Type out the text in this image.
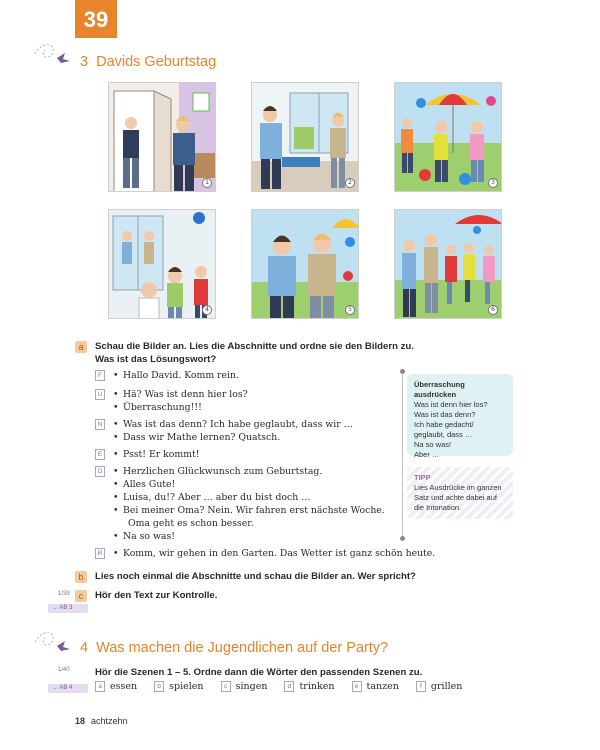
39
3 Davids Geburtstag
1	2	3
4	5	6
a	Schau die Bilder an. Lies die Abschnitte und ordne sie den Bildern zu.
Was ist das Lösungswort?
F	• Hallo David. Komm rein.
U • Hä? Was ist denn hier los?
• Überraschung!!!
N • Was ist das denn? Ich habe geglaubt, dass wir …
• Dass wir Mathe lernen? Quatsch.
E	• Psst! Er kommt!
D • Herzlichen Glückwunsch zum Geburtstag.
• Alles Gute!
• Luisa, du!? Aber … aber du bist doch …
• Bei meiner Oma? Nein. Wir fahren erst nächste Woche.
Oma geht es schon besser.
• Na so was!
R • Komm, wir gehen in den Garten. Das Wetter ist ganz schön heute.
Überraschung ausdrücken
Was ist denn hier los?
Was ist das denn?
Ich habe gedacht/
geglaubt, dass …
Na so was!
Aber …
TIPP
Lies Ausdrücke im ganzen
Satz und achte dabei auf
die Intonation.
b	Lies noch einmal die Abschnitte und schau die Bilder an. Wer spricht?
1/39	c	Hör den Text zur Kontrolle.
→ AB 3
4 Was machen die Jugendlichen auf der Party?
1/40	Hör die Szenen 1 – 5. Ordne dann die Wörter den passenden Szenen zu.
→ AB 4	a essen	b spielen	c singen	d trinken	e tanzen	f grillen
18 achtzehn
